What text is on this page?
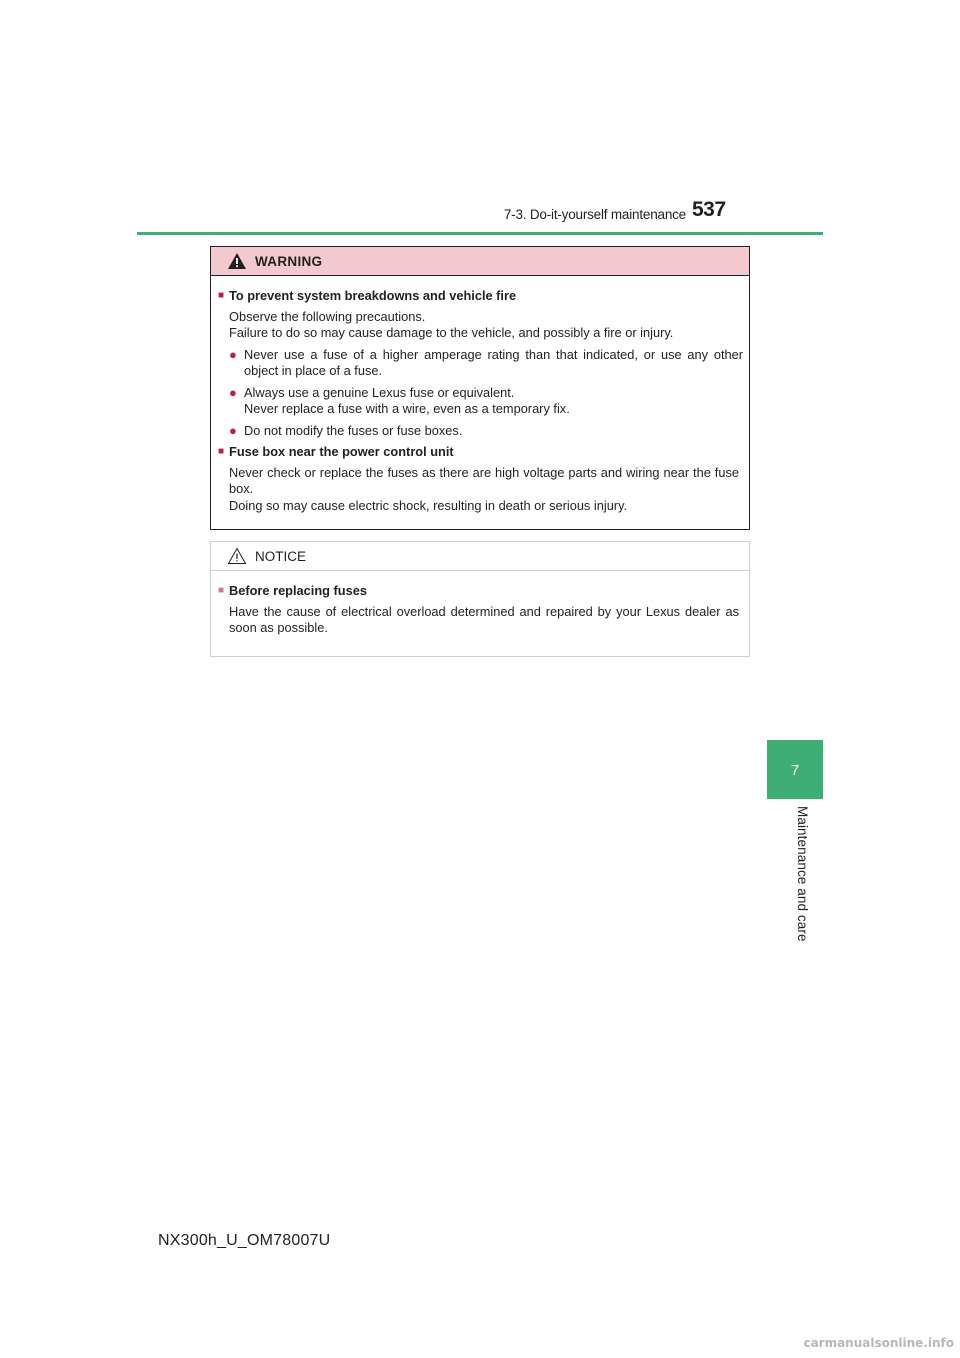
7-3. Do-it-yourself maintenance 537
7
Maintenance and care
WARNING
■ To prevent system breakdowns and vehicle fire
Observe the following precautions.
Failure to do so may cause damage to the vehicle, and possibly a fire or injury.
● Never use a fuse of a higher amperage rating than that indicated, or use any other object in place of a fuse.
● Always use a genuine Lexus fuse or equivalent.
Never replace a fuse with a wire, even as a temporary fix.
● Do not modify the fuses or fuse boxes.
■ Fuse box near the power control unit
Never check or replace the fuses as there are high voltage parts and wiring near the fuse box.
Doing so may cause electric shock, resulting in death or serious injury.
NOTICE
■ Before replacing fuses
Have the cause of electrical overload determined and repaired by your Lexus dealer as soon as possible.
NX300h_U_OM78007U
carmanualsonline.info
